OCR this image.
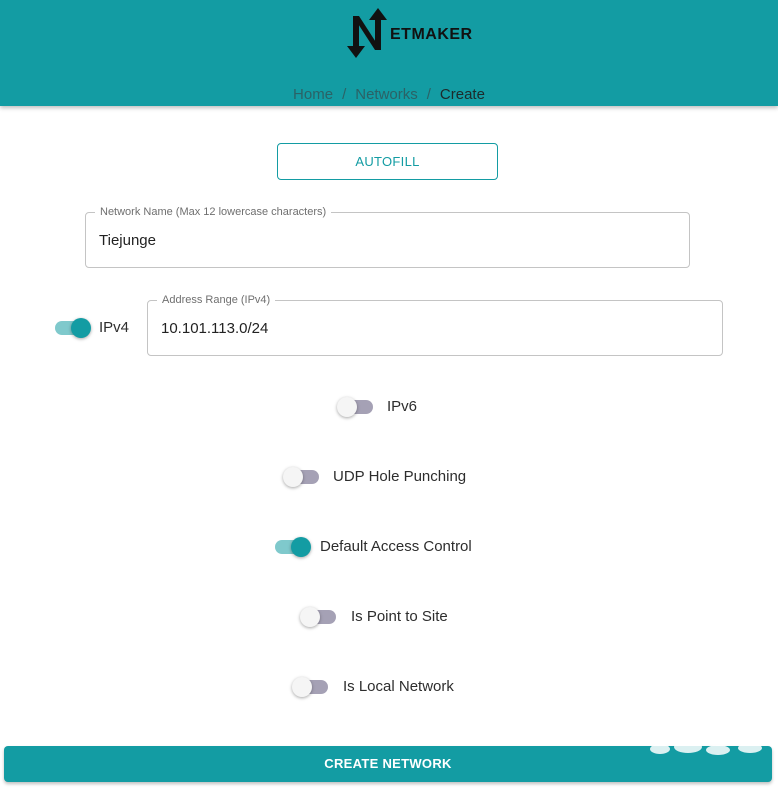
ETMAKER
Home / Networks / Create
AUTOFILL
Network Name (Max 12 lowercase characters)
Tiejunge
IPv4
Address Range (IPv4)
10.101.113.0/24
IPv6
UDP Hole Punching
Default Access Control
Is Point to Site
Is Local Network
CREATE NETWORK
